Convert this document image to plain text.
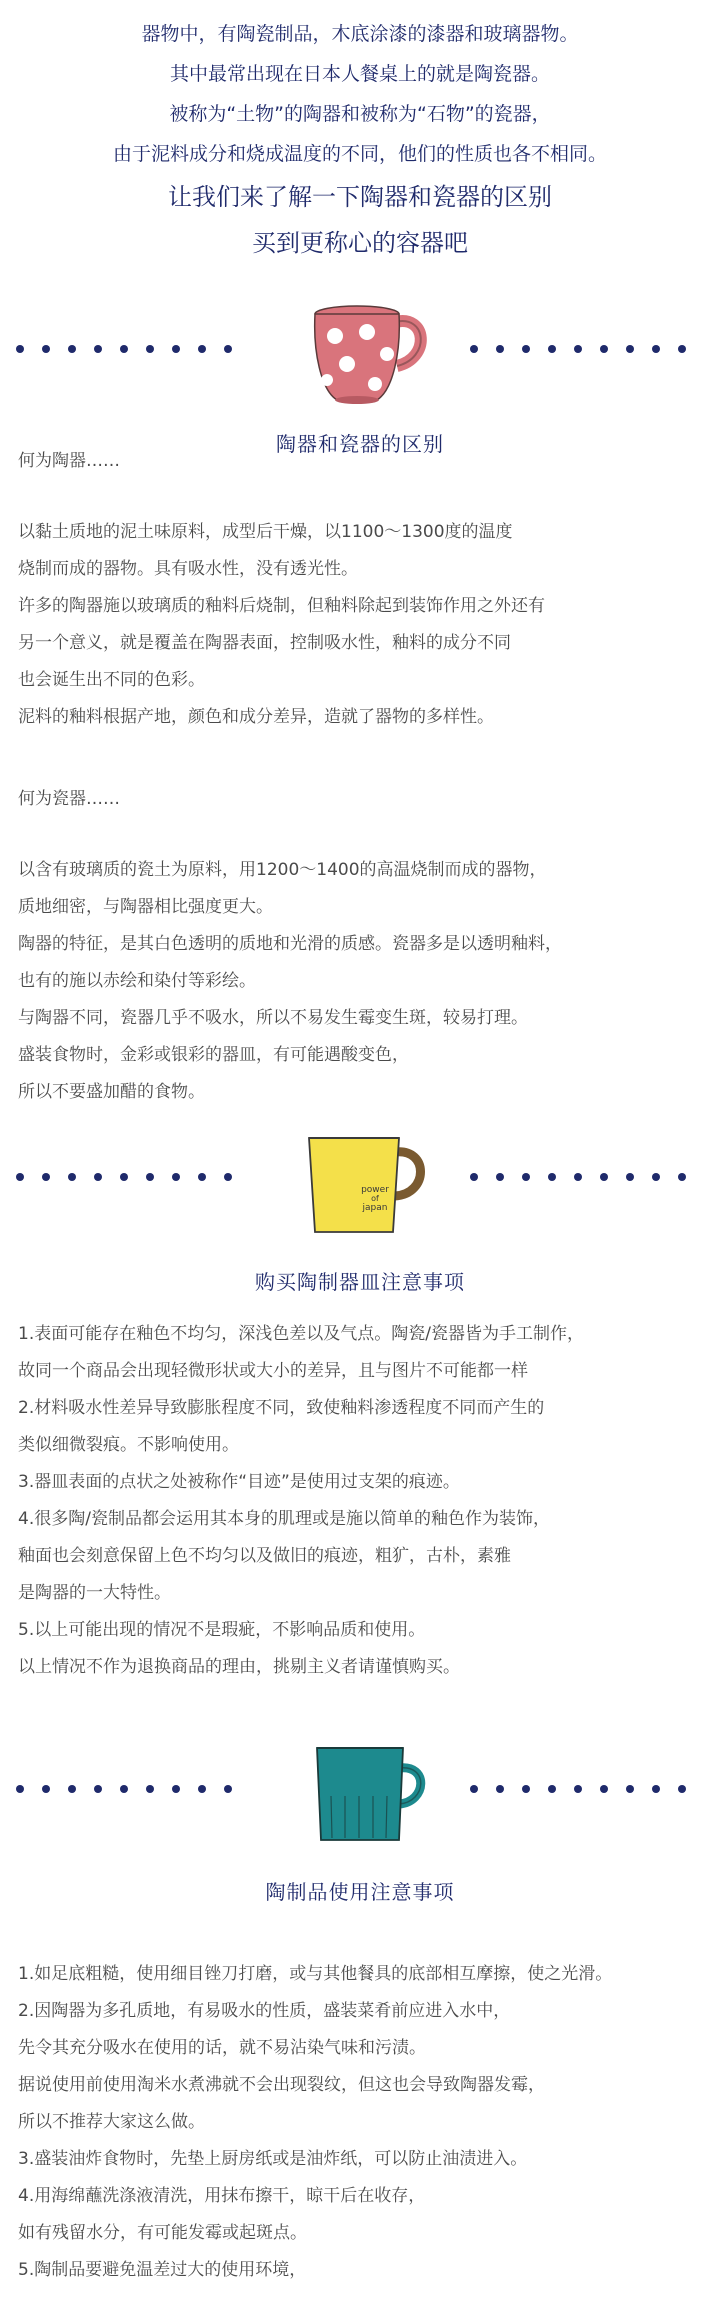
器物中，有陶瓷制品，木底涂漆的漆器和玻璃器物。
其中最常出现在日本人餐桌上的就是陶瓷器。
被称为“土物”的陶器和被称为“石物”的瓷器，
由于泥料成分和烧成温度的不同，他们的性质也各不相同。
让我们来了解一下陶器和瓷器的区别
买到更称心的容器吧
陶器和瓷器的区别
何为陶器……
以黏土质地的泥土味原料，成型后干燥，以1100～1300度的温度
烧制而成的器物。具有吸水性，没有透光性。
许多的陶器施以玻璃质的釉料后烧制，但釉料除起到装饰作用之外还有
另一个意义，就是覆盖在陶器表面，控制吸水性，釉料的成分不同
也会诞生出不同的色彩。
泥料的釉料根据产地，颜色和成分差异，造就了器物的多样性。
何为瓷器……
以含有玻璃质的瓷土为原料，用1200～1400的高温烧制而成的器物，
质地细密，与陶器相比强度更大。
陶器的特征，是其白色透明的质地和光滑的质感。瓷器多是以透明釉料，
也有的施以赤绘和染付等彩绘。
与陶器不同，瓷器几乎不吸水，所以不易发生霉变生斑，较易打理。
盛装食物时，金彩或银彩的器皿，有可能遇酸变色，
所以不要盛加醋的食物。
power
of
japan
购买陶制器皿注意事项
1.表面可能存在釉色不均匀，深浅色差以及气点。陶瓷/瓷器皆为手工制作，
故同一个商品会出现轻微形状或大小的差异，且与图片不可能都一样
2.材料吸水性差异导致膨胀程度不同，致使釉料渗透程度不同而产生的
类似细微裂痕。不影响使用。
3.器皿表面的点状之处被称作“目迹”是使用过支架的痕迹。
4.很多陶/瓷制品都会运用其本身的肌理或是施以简单的釉色作为装饰，
釉面也会刻意保留上色不均匀以及做旧的痕迹，粗犷，古朴，素雅
是陶器的一大特性。
5.以上可能出现的情况不是瑕疵，不影响品质和使用。
以上情况不作为退换商品的理由，挑剔主义者请谨慎购买。
陶制品使用注意事项
1.如足底粗糙，使用细目锉刀打磨，或与其他餐具的底部相互摩擦，使之光滑。
2.因陶器为多孔质地，有易吸水的性质，盛装菜肴前应进入水中，
先令其充分吸水在使用的话，就不易沾染气味和污渍。
据说使用前使用淘米水煮沸就不会出现裂纹，但这也会导致陶器发霉，
所以不推荐大家这么做。
3.盛装油炸食物时，先垫上厨房纸或是油炸纸，可以防止油渍进入。
4.用海绵蘸洗涤液清洗，用抹布擦干，晾干后在收存，
如有残留水分，有可能发霉或起斑点。
5.陶制品要避免温差过大的使用环境，
